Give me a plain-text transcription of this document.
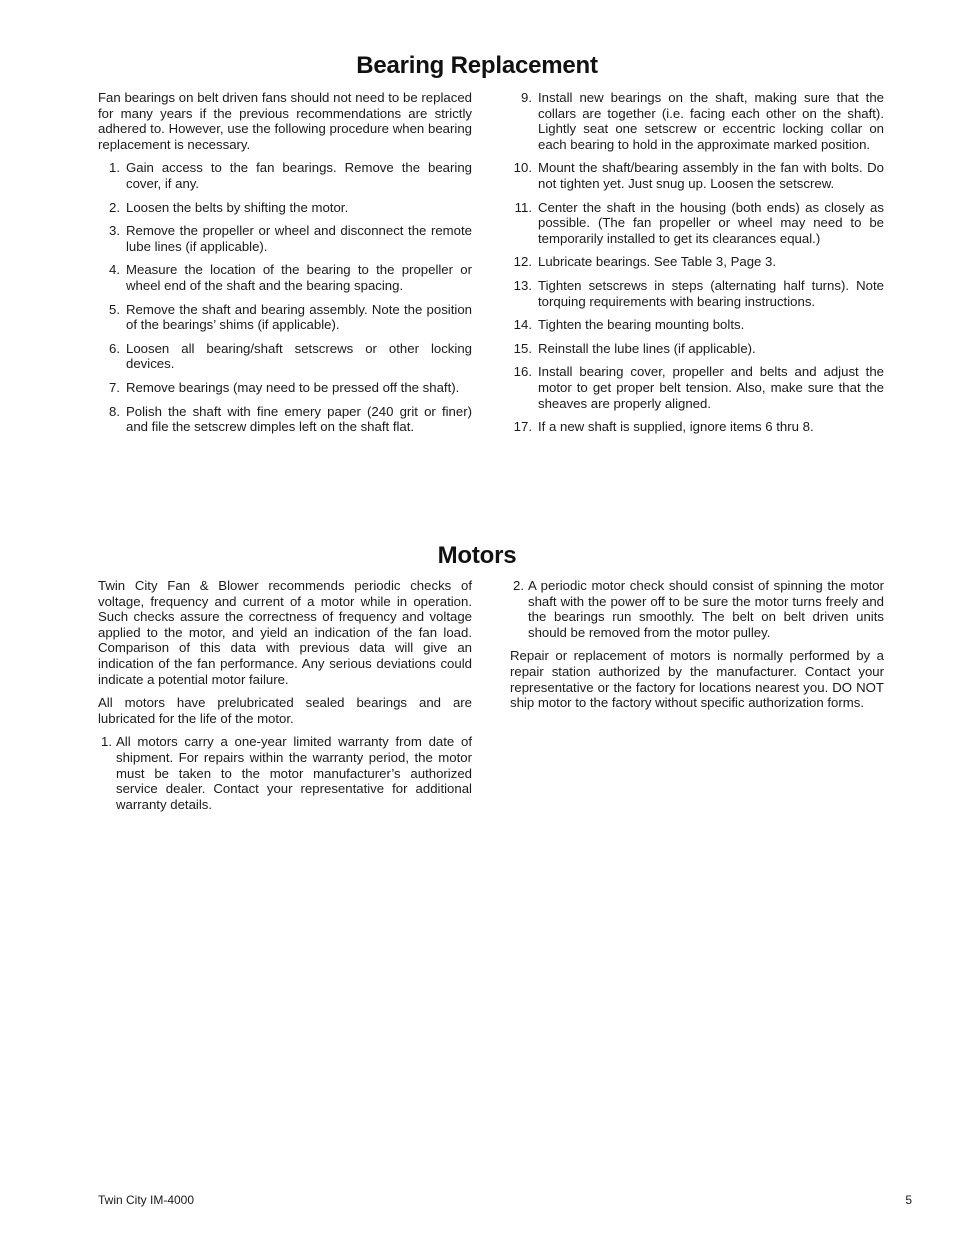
Bearing Replacement

Fan bearings on belt driven fans should not need to be replaced for many years if the previous recommendations are strictly adhered to. However, use the following procedure when bearing replacement is necessary.

1. Gain access to the fan bearings. Remove the bearing cover, if any.
2. Loosen the belts by shifting the motor.
3. Remove the propeller or wheel and disconnect the remote lube lines (if applicable).
4. Measure the location of the bearing to the propeller or wheel end of the shaft and the bearing spacing.
5. Remove the shaft and bearing assembly. Note the position of the bearings’ shims (if applicable).
6. Loosen all bearing/shaft setscrews or other locking devices.
7. Remove bearings (may need to be pressed off the shaft).
8. Polish the shaft with fine emery paper (240 grit or finer) and file the setscrew dimples left on the shaft flat.
9. Install new bearings on the shaft, making sure that the collars are together (i.e. facing each other on the shaft). Lightly seat one setscrew or eccentric locking collar on each bearing to hold in the approximate marked position.
10. Mount the shaft/bearing assembly in the fan with bolts. Do not tighten yet. Just snug up. Loosen the setscrew.
11. Center the shaft in the housing (both ends) as closely as possible. (The fan propeller or wheel may need to be temporarily installed to get its clearances equal.)
12. Lubricate bearings. See Table 3, Page 3.
13. Tighten setscrews in steps (alternating half turns). Note torquing requirements with bearing instructions.
14. Tighten the bearing mounting bolts.
15. Reinstall the lube lines (if applicable).
16. Install bearing cover, propeller and belts and adjust the motor to get proper belt tension. Also, make sure that the sheaves are properly aligned.
17. If a new shaft is supplied, ignore items 6 thru 8.
Motors

Twin City Fan & Blower recommends periodic checks of voltage, frequency and current of a motor while in operation. Such checks assure the correctness of frequency and voltage applied to the motor, and yield an indication of the fan load. Comparison of this data with previous data will give an indication of the fan performance. Any serious deviations could indicate a potential motor failure.

All motors have prelubricated sealed bearings and are lubricated for the life of the motor.

1. All motors carry a one-year limited warranty from date of shipment. For repairs within the warranty period, the motor must be taken to the motor manufacturer’s authorized service dealer. Contact your representative for additional warranty details.
2. A periodic motor check should consist of spinning the motor shaft with the power off to be sure the motor turns freely and the bearings run smoothly. The belt on belt driven units should be removed from the motor pulley.

Repair or replacement of motors is normally performed by a repair station authorized by the manufacturer. Contact your representative or the factory for locations nearest you. DO NOT ship motor to the factory without specific authorization forms.

Twin City IM-4000	5
